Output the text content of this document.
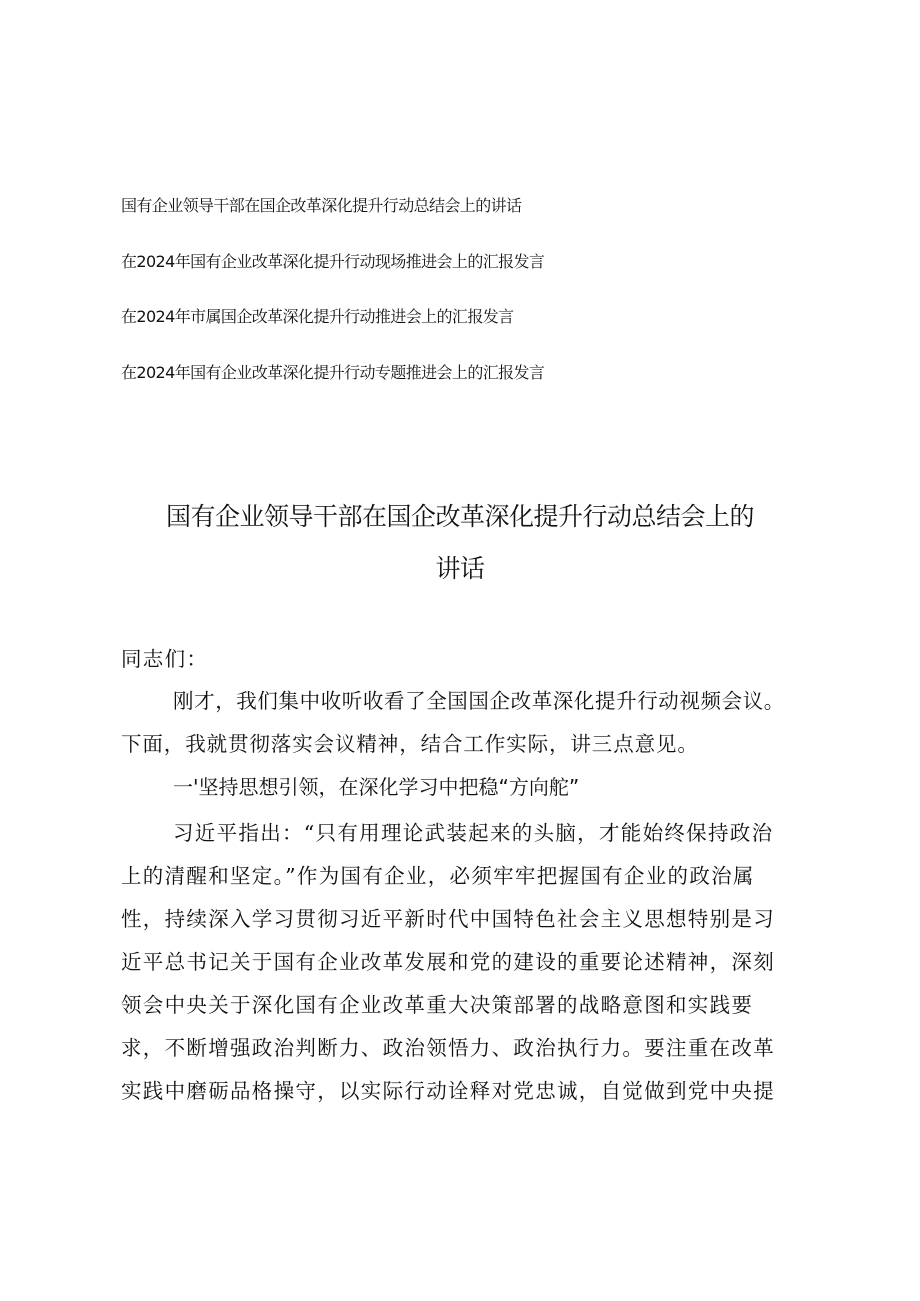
国有企业领导干部在国企改革深化提升行动总结会上的讲话
在2024年国有企业改革深化提升行动现场推进会上的汇报发言
在2024年市属国企改革深化提升行动推进会上的汇报发言
在2024年国有企业改革深化提升行动专题推进会上的汇报发言
国有企业领导干部在国企改革深化提升行动总结会上的
讲话
同志们：
刚才，我们集中收听收看了全国国企改革深化提升行动视频会议。
下面，我就贯彻落实会议精神，结合工作实际，讲三点意见。
一'坚持思想引领，在深化学习中把稳“方向舵”
习近平指出：“只有用理论武装起来的头脑，才能始终保持政治
上的清醒和坚定。”作为国有企业，必须牢牢把握国有企业的政治属
性，持续深入学习贯彻习近平新时代中国特色社会主义思想特别是习
近平总书记关于国有企业改革发展和党的建设的重要论述精神，深刻
领会中央关于深化国有企业改革重大决策部署的战略意图和实践要
求，不断增强政治判断力、政治领悟力、政治执行力。要注重在改革
实践中磨砺品格操守，以实际行动诠释对党忠诚，自觉做到党中央提
